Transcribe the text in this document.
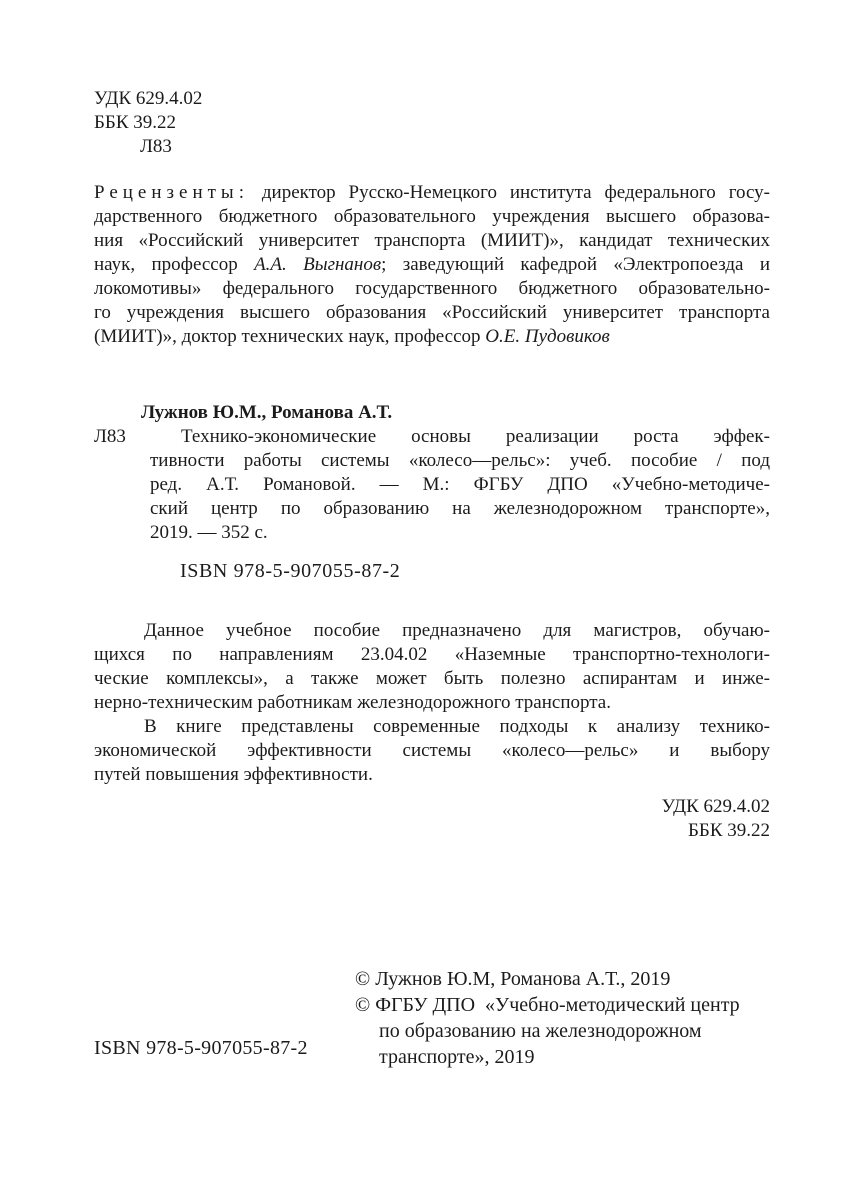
УДК 629.4.02
ББК 39.22
Л83
Рецензенты: директор Русско-Немецкого института федерального госу-
дарственного бюджетного образовательного учреждения высшего образова-
ния «Российский университет транспорта (МИИТ)», кандидат технических
наук, профессор А.А. Выгнанов; заведующий кафедрой «Электропоезда и
локомотивы» федерального государственного бюджетного образовательно-
го учреждения высшего образования «Российский университет транспорта
(МИИТ)», доктор технических наук, профессор О.Е. Пудовиков
Лужнов Ю.М., Романова А.Т.
Л83	Технико-экономические основы реализации роста эффек-
тивности работы системы «колесо—рельс»: учеб. пособие / под
ред. А.Т. Романовой. — М.: ФГБУ ДПО «Учебно-методиче-
ский центр по образованию на железнодорожном транспорте»,
2019. — 352 с.
ISBN 978-5-907055-87-2
Данное учебное пособие предназначено для магистров, обучаю-
щихся по направлениям 23.04.02 «Наземные транспортно-технологи-
ческие комплексы», а также может быть полезно аспирантам и инже-
нерно-техническим работникам железнодорожного транспорта.
В книге представлены современные подходы к анализу технико-
экономической эффективности системы «колесо—рельс» и выбору
путей повышения эффективности.
УДК 629.4.02
ББК 39.22
© Лужнов Ю.М, Романова А.Т., 2019
© ФГБУ ДПО  «Учебно-методический центр
по образованию на железнодорожном
транспорте», 2019
ISBN 978-5-907055-87-2
